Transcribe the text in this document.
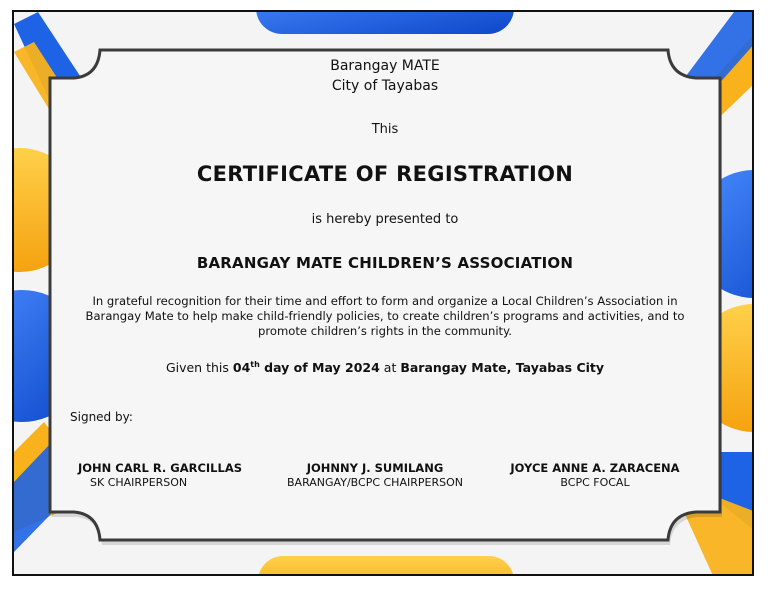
Barangay MATE
City of Tayabas
This
CERTIFICATE OF REGISTRATION
is hereby presented to
BARANGAY MATE CHILDREN’S ASSOCIATION
In grateful recognition for their time and effort to form and organize a Local Children’s Association in Barangay Mate to help make child-friendly policies, to create children’s programs and activities, and to promote children’s rights in the community.
Given this 04th day of May 2024 at Barangay Mate, Tayabas City
Signed by:
JOHN CARL R. GARCILLAS
SK CHAIRPERSON
JOHNNY J. SUMILANG
BARANGAY/BCPC CHAIRPERSON
JOYCE ANNE A. ZARACENA
BCPC FOCAL
